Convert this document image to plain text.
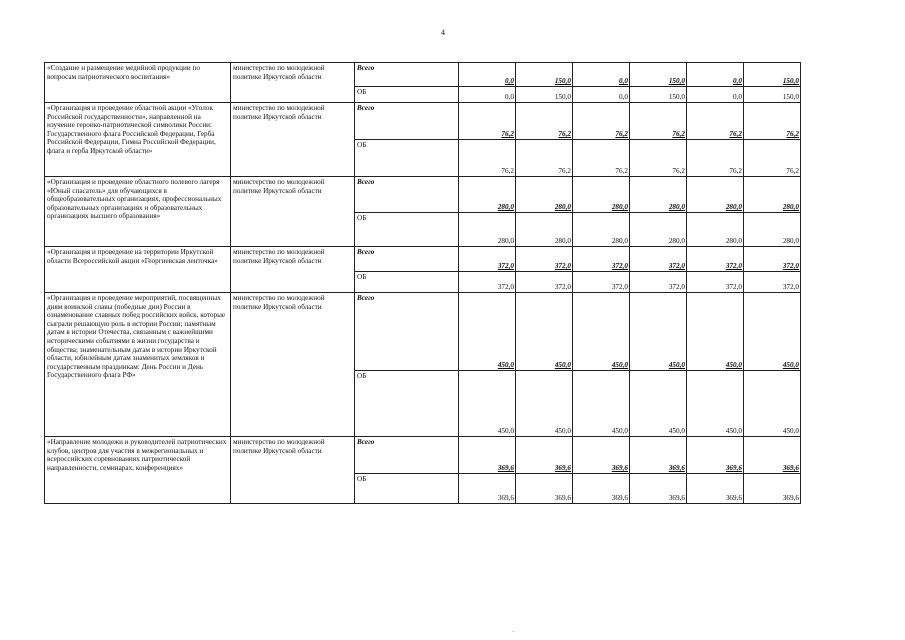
4
«Создание и размещение медийной продукции по вопросам патриотического воспитания»	министерство по молодежной политике Иркутской области	Всего	0,0	150,0	0,0	150,0	0,0	150,0
		ОБ	0,0	150,0	0,0	150,0	0,0	150,0

«Организация и проведение областной акции «Уголок Российской государственности», направленной на изучение героико-патриотической символики России: Государственного флага Российской Федерации, Герба Российской Федерации, Гимна Российской Федерации, флага и герба Иркутской области»	министерство по молодежной политике Иркутской области	Всего	76,2	76,2	76,2	76,2	76,2	76,2
		ОБ	76,2	76,2	76,2	76,2	76,2	76,2

«Организация и проведение областного полевого лагеря «Юный спасатель» для обучающихся в общеобразовательных организациях, профессиональных образовательных организациях и образовательных организациях высшего образования»	министерство по молодежной политике Иркутской области	Всего	280,0	280,0	280,0	280,0	280,0	280,0
		ОБ	280,0	280,0	280,0	280,0	280,0	280,0

«Организация и проведение на территории Иркутской области Всероссийской акции «Георгиевская ленточка»	министерство по молодежной политике Иркутской области	Всего	372,0	372,0	372,0	372,0	372,0	372,0
		ОБ	372,0	372,0	372,0	372,0	372,0	372,0

«Организация и проведение мероприятий, посвященных дням воинской славы (победные дни) России в ознаменование славных побед российских войск, которые сыграли решающую роль в истории России; памятным датам в истории Отечества, связанным с важнейшими историческими событиями в жизни государства и общества; знаменательным датам в истории Иркутской области, юбилейным датам знаменитых земляков и государственным праздникам: День России и День Государственного флага РФ»	министерство по молодежной политике Иркутской области	Всего	450,0	450,0	450,0	450,0	450,0	450,0
		ОБ	450,0	450,0	450,0	450,0	450,0	450,0

«Направление молодежи и руководителей патриотических клубов, центров для участия в межрегиональных и всероссийских соревнованиях патриотической направленности, семинарах, конференциях»	министерство по молодежной политике Иркутской области	Всего	369,6	369,6	369,6	369,6	369,6	369,6
		ОБ	369,6	369,6	369,6	369,6	369,6	369,6
·
